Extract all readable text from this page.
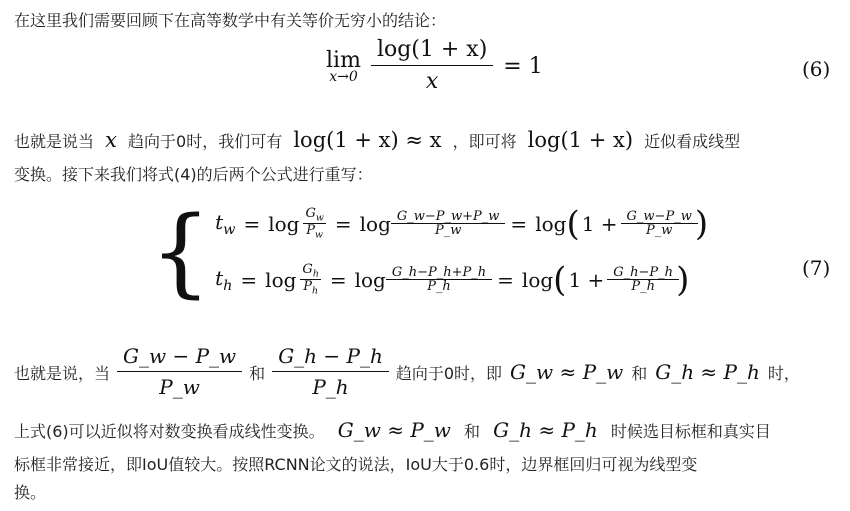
在这里我们需要回顾下在高等数学中有关等价无穷小的结论：
lim
x→0
$\frac{\log(1 + x)}{x} = 1$	(6)
也就是说当 x 趋向于0时，我们可有 log(1 + x) ≈ x ，即可将 log(1 + x) 近似看成线型
变换。接下来我们将式(4)的后两个公式进行重写：
{ $t_w = \log \frac{G_w}{P_w} = \log \frac{G\_w-P\_w+P\_w}{P\_w} = \log$ ( $1 + \frac{G\_w-P\_w}{P\_w}$ )
$t_h = \log \frac{G_h}{P_h} = \log \frac{G\_h-P\_h+P\_h}{P\_h} = \log$ ( $1 + \frac{G\_h-P\_h}{P\_h}$ )	(7)
也就是说，当 $\frac{G\_w - P\_w}{P\_w}$ 和 $\frac{G\_h - P\_h}{P\_h}$ 趋向于0时，即 G_w ≈ P_w 和 G_h ≈ P_h 时，
上式(6)可以近似将对数变换看成线性变换。 G_w ≈ P_w 和 G_h ≈ P_h 时候选目标框和真实目
标框非常接近，即IoU值较大。按照RCNN论文的说法，IoU大于0.6时，边界框回归可视为线型变
换。
